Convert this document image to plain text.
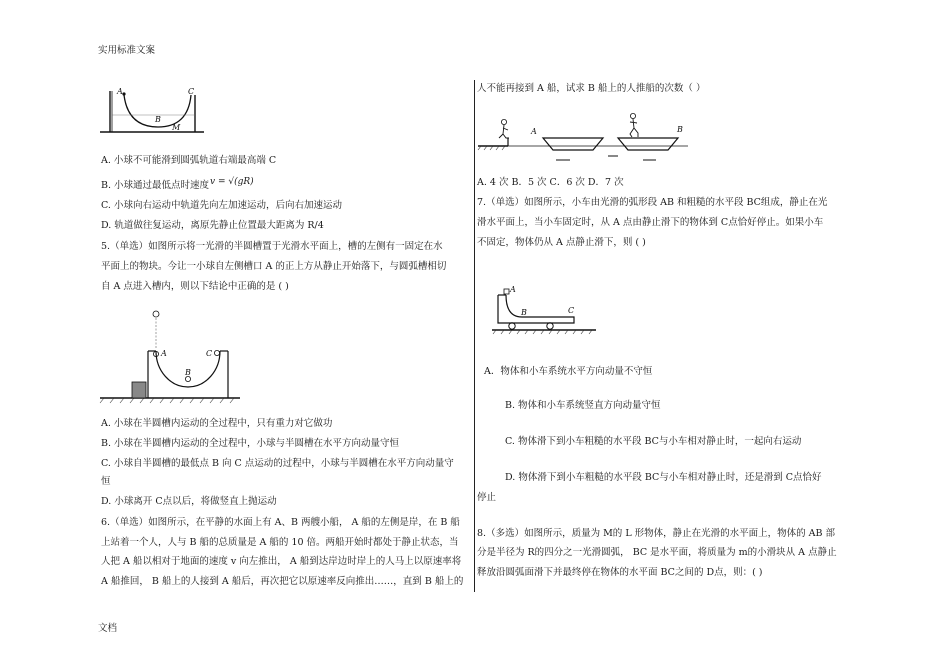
实用标准文案
文档
A	C
B
M
A. 小球不可能滑到圆弧轨道右端最高端 C
B. 小球通过最低点时速度 v = √(gR)
C. 小球向右运动中轨道先向左加速运动，后向右加速运动
D. 轨道做往复运动，离原先静止位置最大距离为 R/4
5.（单选）如图所示将一光滑的半圆槽置于光滑水平面上，槽的左侧有一固定在水
平面上的物块。今让一小球自左侧槽口 A 的正上方从静止开始落下，与圆弧槽相切
自 A 点进入槽内，则以下结论中正确的是 ( )
A
B
C
A. 小球在半圆槽内运动的全过程中，只有重力对它做功
B. 小球在半圆槽内运动的全过程中，小球与半圆槽在水平方向动量守恒
C. 小球自半圆槽的最低点 B 向 C 点运动的过程中，小球与半圆槽在水平方向动量守
恒
D. 小球离开 C点以后，将做竖直上抛运动
6.（单选）如图所示，在平静的水面上有 A、B 两艘小船， A 船的左侧是岸，在 B 船
上站着一个人，人与 B 船的总质量是 A 船的 10 倍。两船开始时都处于静止状态，当
人把 A 船以相对于地面的速度 v 向左推出， A 船到达岸边时岸上的人马上以原速率将
A 船推回， B 船上的人接到 A 船后，再次把它以原速率反向推出……，直到 B 船上的
人不能再接到 A 船，试求 B 船上的人推船的次数（ ）
A	B
A. 4 次 B．5 次 C．6 次 D．7 次
7.（单选）如图所示，小车由光滑的弧形段 AB 和粗糙的水平段 BC组成，静止在光
滑水平面上，当小车固定时，从 A 点由静止滑下的物体到 C点恰好停止。如果小车
不固定，物体仍从 A 点静止滑下，则 ( )
A
B	C
A．物体和小车系统水平方向动量不守恒
B. 物体和小车系统竖直方向动量守恒
C. 物体滑下到小车粗糙的水平段 BC与小车相对静止时，一起向右运动
D. 物体滑下到小车粗糙的水平段 BC与小车相对静止时，还是滑到 C点恰好
停止
8.（多选）如图所示，质量为 M的 L 形物体，静止在光滑的水平面上，物体的 AB 部
分是半径为 R的四分之一光滑圆弧， BC 是水平面，将质量为 m的小滑块从 A 点静止
释放沿圆弧面滑下并最终停在物体的水平面 BC之间的 D点，则：( )
